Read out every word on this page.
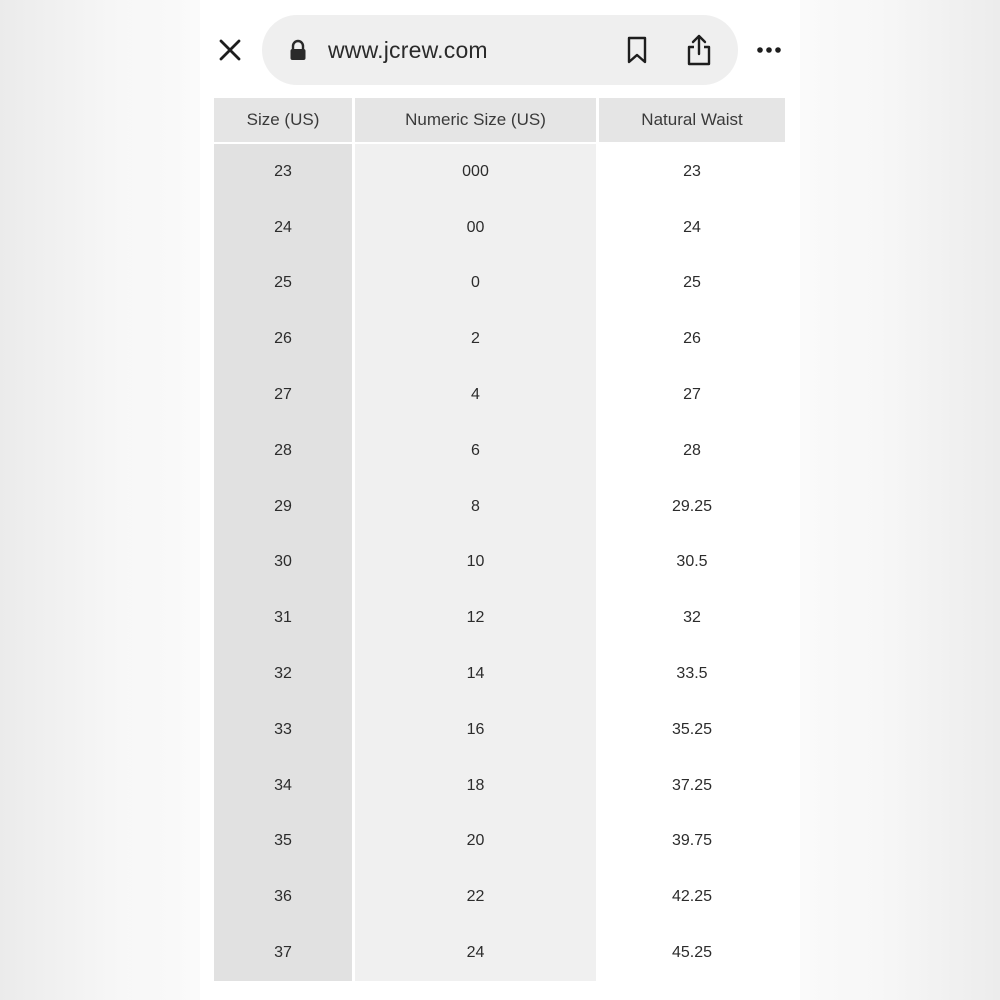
www.jcrew.com
Size (US)	Numeric Size (US)	Natural Waist
23	000	23
24	00	24
25	0	25
26	2	26
27	4	27
28	6	28
29	8	29.25
30	10	30.5
31	12	32
32	14	33.5
33	16	35.25
34	18	37.25
35	20	39.75
36	22	42.25
37	24	45.25
